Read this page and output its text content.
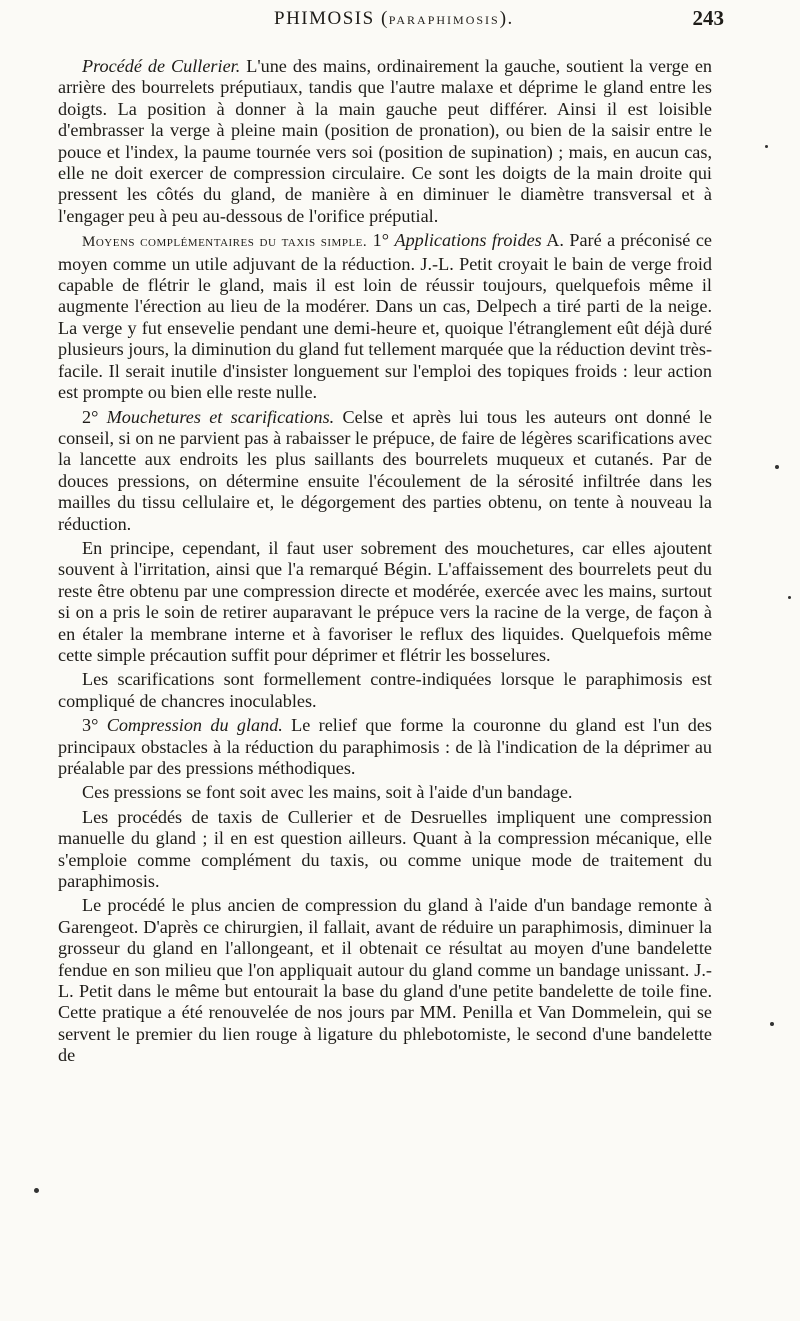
PHIMOSIS (PARAPHIMOSIS).	243

Procédé de Cullerier. L'une des mains, ordinairement la gauche, soutient la verge en arrière des bourrelets préputiaux, tandis que l'autre malaxe et déprime le gland entre les doigts. La position à donner à la main gauche peut différer. Ainsi il est loisible d'embrasser la verge à pleine main (position de pronation), ou bien de la saisir entre le pouce et l'index, la paume tournée vers soi (position de supination) ; mais, en aucun cas, elle ne doit exercer de compression circulaire. Ce sont les doigts de la main droite qui pressent les côtés du gland, de manière à en diminuer le diamètre transversal et à l'engager peu à peu au-dessous de l'orifice préputial.

Moyens complémentaires du taxis simple. 1° Applications froides A. Paré a préconisé ce moyen comme un utile adjuvant de la réduction. J.-L. Petit croyait le bain de verge froid capable de flétrir le gland, mais il est loin de réussir toujours, quelquefois même il augmente l'érection au lieu de la modérer. Dans un cas, Delpech a tiré parti de la neige. La verge y fut ensevelie pendant une demi-heure et, quoique l'étranglement eût déjà duré plusieurs jours, la diminution du gland fut tellement marquée que la réduction devint très-facile. Il serait inutile d'insister longuement sur l'emploi des topiques froids : leur action est prompte ou bien elle reste nulle.

2° Mouchetures et scarifications. Celse et après lui tous les auteurs ont donné le conseil, si on ne parvient pas à rabaisser le prépuce, de faire de légères scarifications avec la lancette aux endroits les plus saillants des bourrelets muqueux et cutanés. Par de douces pressions, on détermine ensuite l'écoulement de la sérosité infiltrée dans les mailles du tissu cellulaire et, le dégorgement des parties obtenu, on tente à nouveau la réduction.

En principe, cependant, il faut user sobrement des mouchetures, car elles ajoutent souvent à l'irritation, ainsi que l'a remarqué Bégin. L'affaissement des bourrelets peut du reste être obtenu par une compression directe et modérée, exercée avec les mains, surtout si on a pris le soin de retirer auparavant le prépuce vers la racine de la verge, de façon à en étaler la membrane interne et à favoriser le reflux des liquides. Quelquefois même cette simple précaution suffit pour déprimer et flétrir les bosselures.

Les scarifications sont formellement contre-indiquées lorsque le paraphimosis est compliqué de chancres inoculables.

3° Compression du gland. Le relief que forme la couronne du gland est l'un des principaux obstacles à la réduction du paraphimosis : de là l'indication de la déprimer au préalable par des pressions méthodiques.

Ces pressions se font soit avec les mains, soit à l'aide d'un bandage.

Les procédés de taxis de Cullerier et de Desruelles impliquent une compression manuelle du gland ; il en est question ailleurs. Quant à la compression mécanique, elle s'emploie comme complément du taxis, ou comme unique mode de traitement du paraphimosis.

Le procédé le plus ancien de compression du gland à l'aide d'un bandage remonte à Garengeot. D'après ce chirurgien, il fallait, avant de réduire un paraphimosis, diminuer la grosseur du gland en l'allongeant, et il obtenait ce résultat au moyen d'une bandelette fendue en son milieu que l'on appliquait autour du gland comme un bandage unissant. J.-L. Petit dans le même but entourait la base du gland d'une petite bandelette de toile fine. Cette pratique a été renouvelée de nos jours par MM. Penilla et Van Dommelein, qui se servent le premier du lien rouge à ligature du phlebotomiste, le second d'une bandelette de
